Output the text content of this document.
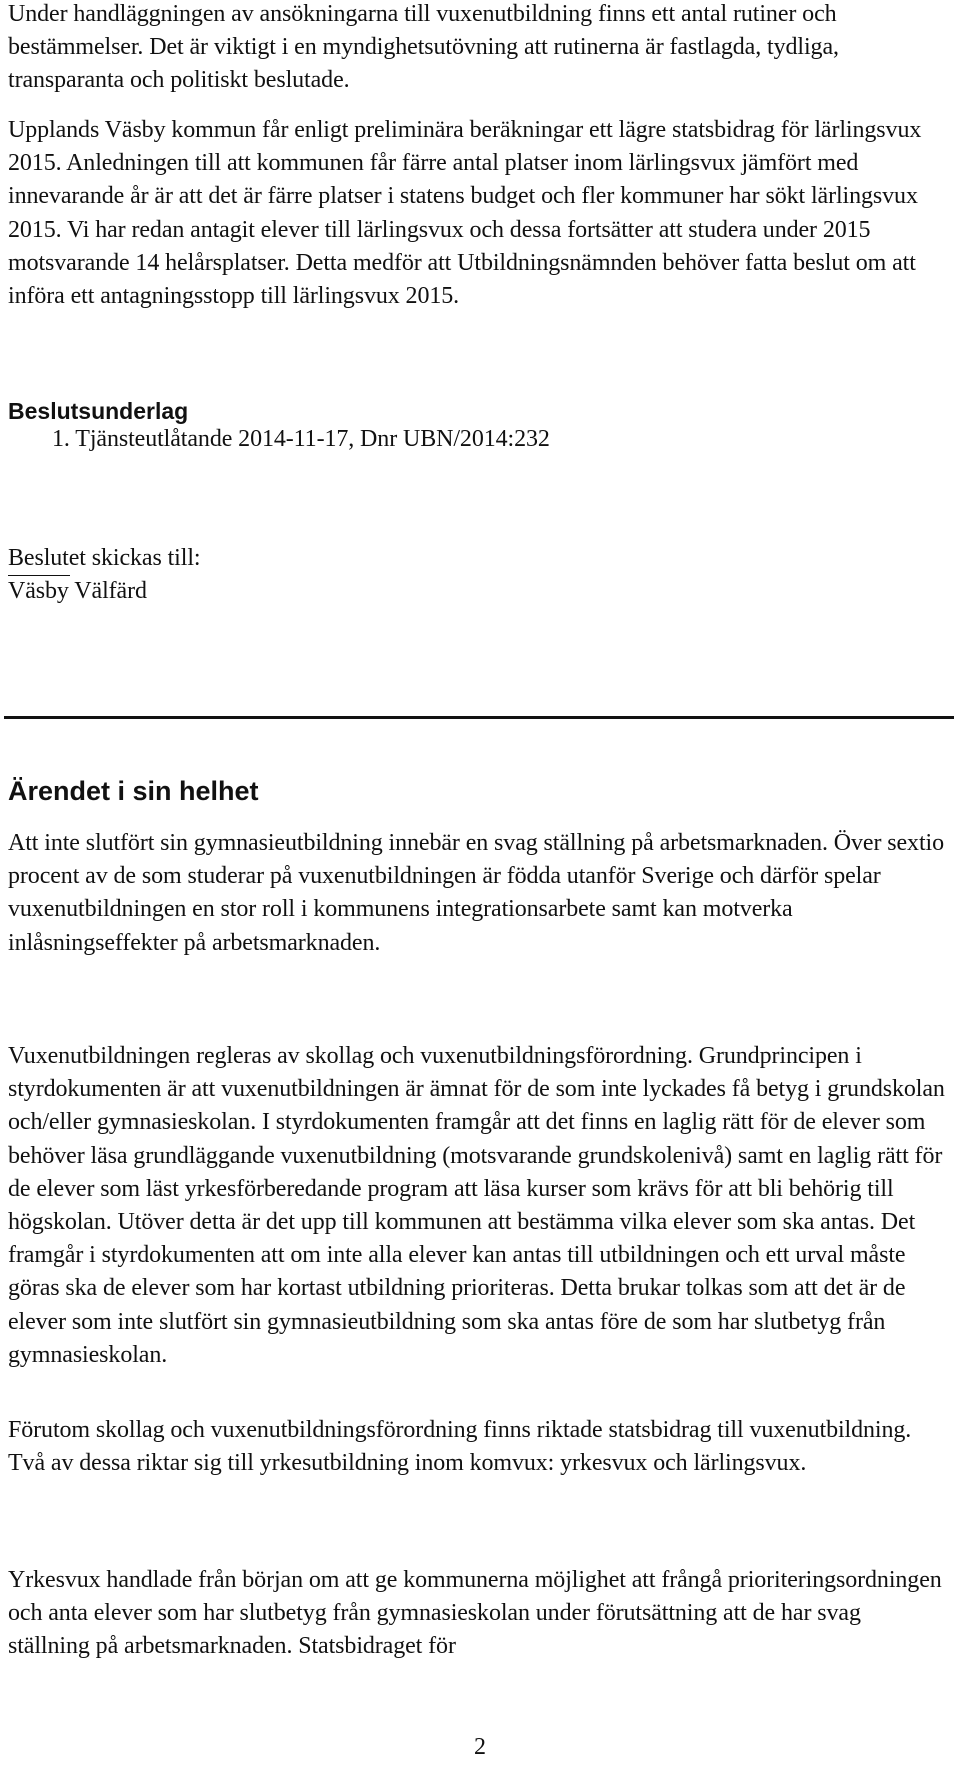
Under handläggningen av ansökningarna till vuxenutbildning finns ett antal rutiner och bestämmelser. Det är viktigt i en myndighetsutövning att rutinerna är fastlagda, tydliga, transparanta och politiskt beslutade.

Upplands Väsby kommun får enligt preliminära beräkningar ett lägre statsbidrag för lärlingsvux 2015. Anledningen till att kommunen får färre antal platser inom lärlingsvux jämfört med innevarande år är att det är färre platser i statens budget och fler kommuner har sökt lärlingsvux 2015. Vi har redan antagit elever till lärlingsvux och dessa fortsätter att studera under 2015 motsvarande 14 helårsplatser. Detta medför att Utbildningsnämnden behöver fatta beslut om att införa ett antagningsstopp till lärlingsvux 2015.

Beslutsunderlag

1. Tjänsteutlåtande 2014-11-17, Dnr UBN/2014:232

Beslutet skickas till:

Väsby Välfärd

Ärendet i sin helhet

Att inte slutfört sin gymnasieutbildning innebär en svag ställning på arbetsmarknaden. Över sextio procent av de som studerar på vuxenutbildningen är födda utanför Sverige och därför spelar vuxenutbildningen en stor roll i kommunens integrationsarbete samt kan motverka inlåsningseffekter på arbetsmarknaden.

Vuxenutbildningen regleras av skollag och vuxenutbildningsförordning. Grundprincipen i styrdokumenten är att vuxenutbildningen är ämnat för de som inte lyckades få betyg i grundskolan och/eller gymnasieskolan. I styrdokumenten framgår att det finns en laglig rätt för de elever som behöver läsa grundläggande vuxenutbildning (motsvarande grundskolenivå) samt en laglig rätt för de elever som läst yrkesförberedande program att läsa kurser som krävs för att bli behörig till högskolan. Utöver detta är det upp till kommunen att bestämma vilka elever som ska antas. Det framgår i styrdokumenten att om inte alla elever kan antas till utbildningen och ett urval måste göras ska de elever som har kortast utbildning prioriteras. Detta brukar tolkas som att det är de elever som inte slutfört sin gymnasieutbildning som ska antas före de som har slutbetyg från gymnasieskolan.

Förutom skollag och vuxenutbildningsförordning finns riktade statsbidrag till vuxenutbildning. Två av dessa riktar sig till yrkesutbildning inom komvux: yrkesvux och lärlingsvux.

Yrkesvux handlade från början om att ge kommunerna möjlighet att frångå prioriteringsordningen och anta elever som har slutbetyg från gymnasieskolan under förutsättning att de har svag ställning på arbetsmarknaden. Statsbidraget för

2
